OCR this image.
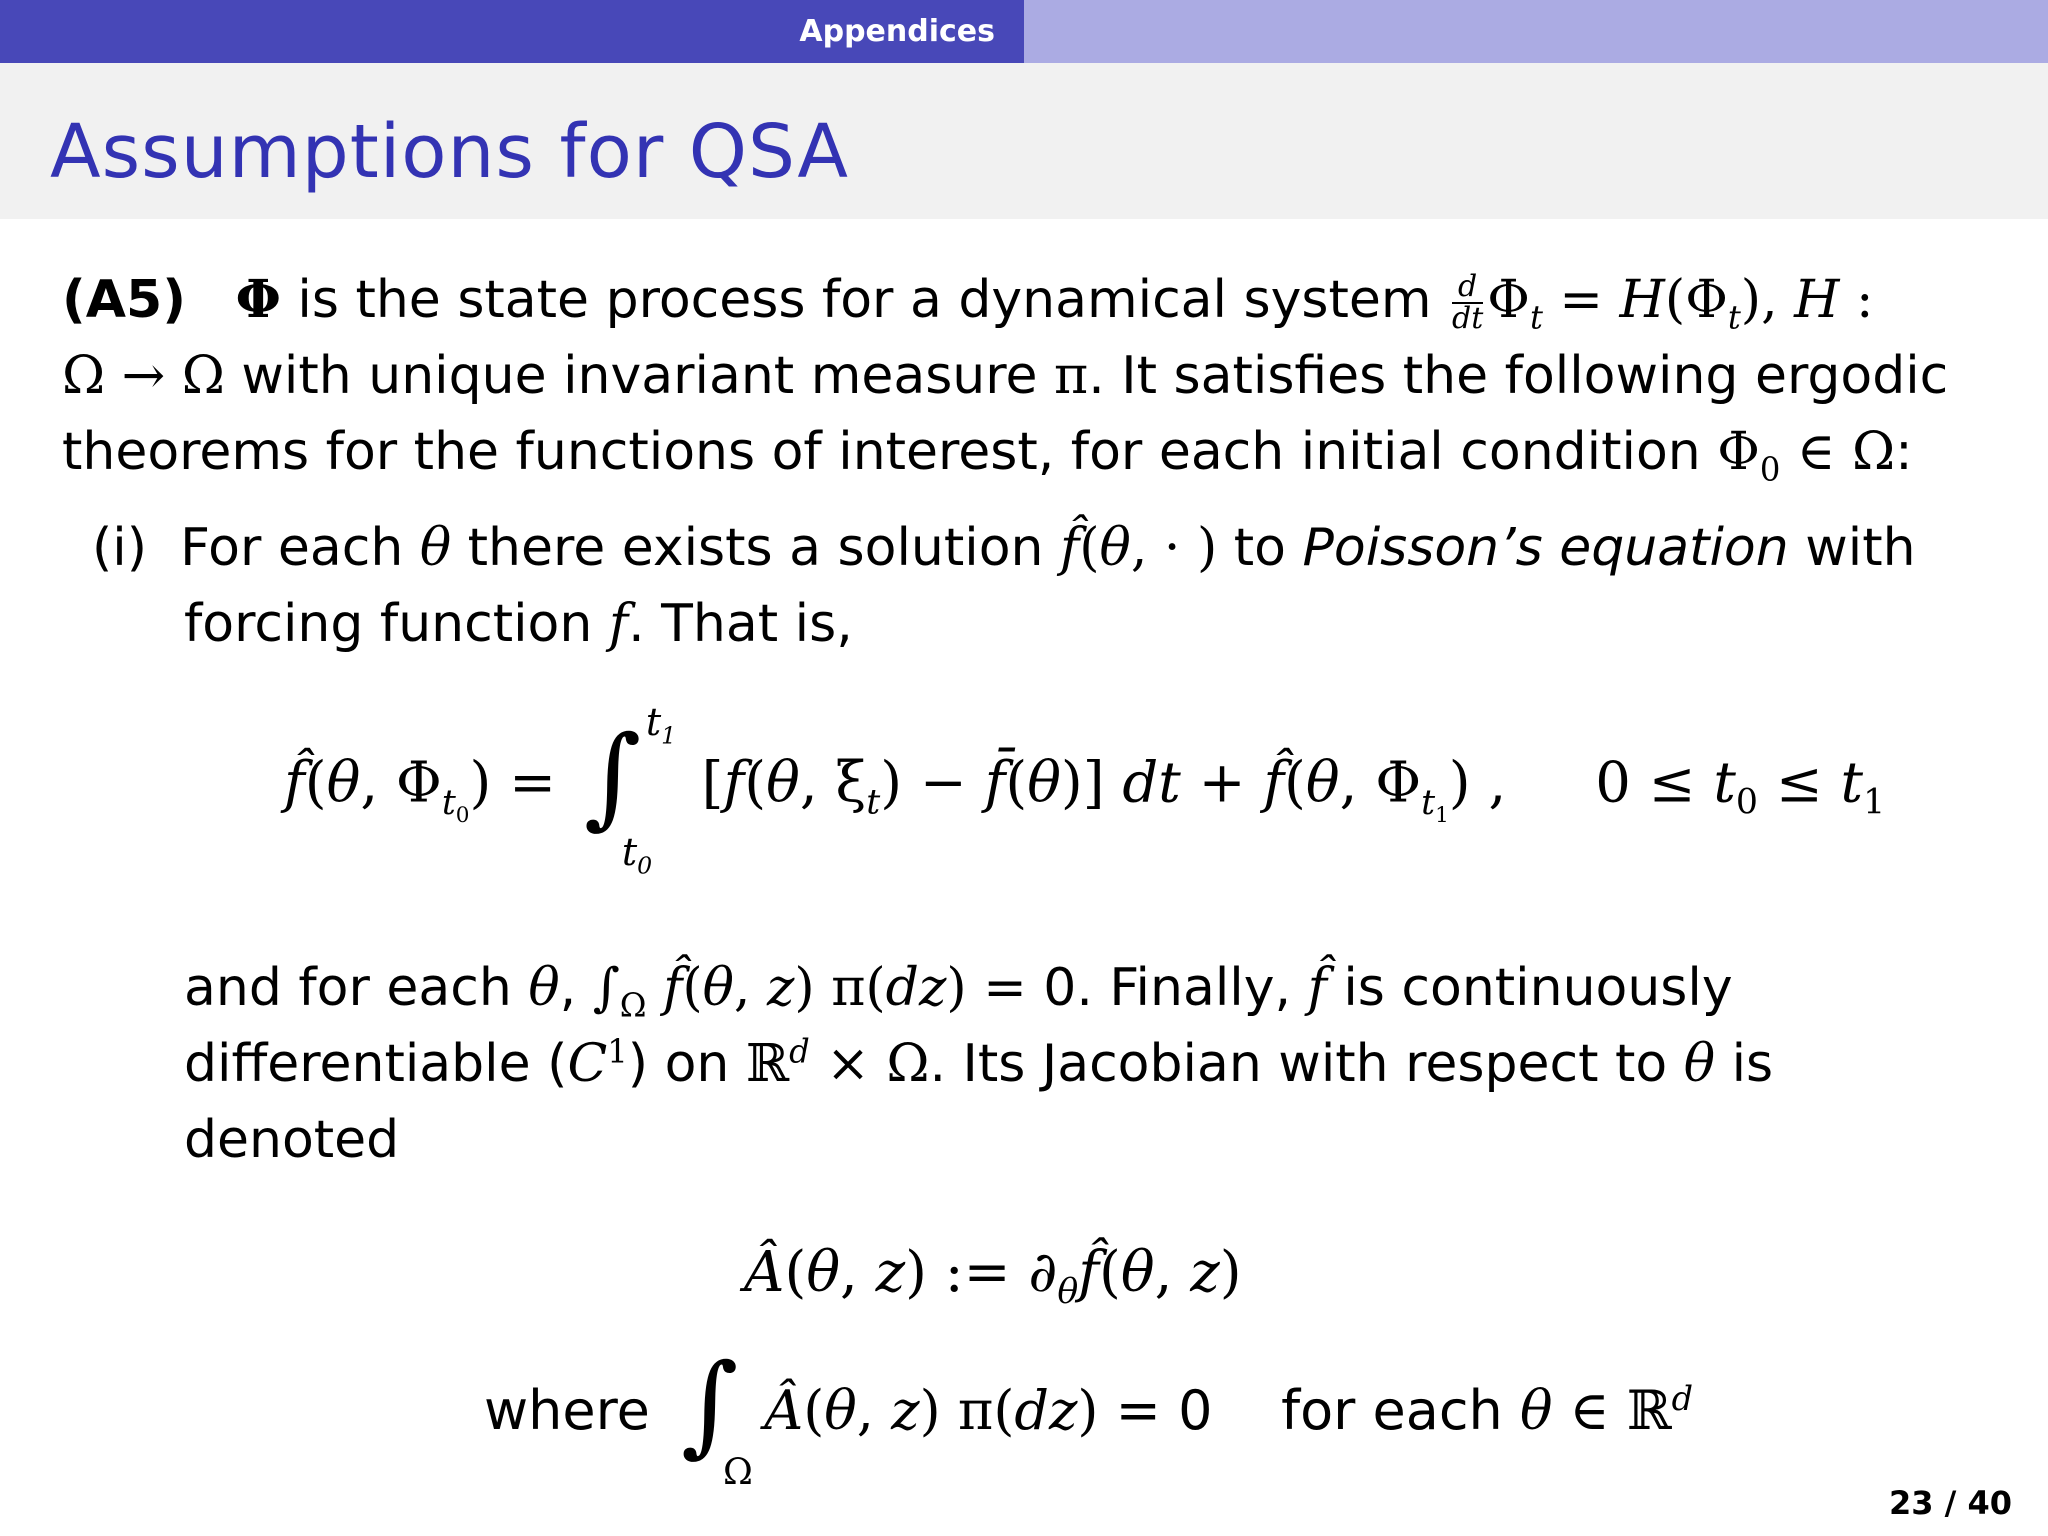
Appendices
Assumptions for QSA
(A5) Φ is the state process for a dynamical system $\frac{d}{dt} \Phi_t = H(\Phi_t)$, H :
Ω → Ω with unique invariant measure π. It satisfies the following ergodic
theorems for the functions of interest, for each initial condition $\Phi_0$ ∈ Ω:
(i) For each θ there exists a solution f̂(θ, · ) to Poisson’s equation with
forcing function f. That is,
f̂(θ, $\Phi_{t_0}$) = ∫ $t_1$
$t_0$
[f(θ, $\xi_t$) − f̄(θ)] dt + f̂(θ, $\Phi_{t_1}$) ,     $0 \le t_0 \le t_1$
and for each θ, $\int_\Omega$ f̂(θ, z) π(dz) = 0. Finally, f̂ is continuously
differentiable $(C^1)$ on ℝ$^d$ × Ω. Its Jacobian with respect to θ is
denoted
Â(θ, z) := $\partial_\theta f̂(\theta$, z)
where ∫
Ω
Â(θ, z) π(dz) = 0 for each θ ∈ ℝ$^d$
23 / 40
